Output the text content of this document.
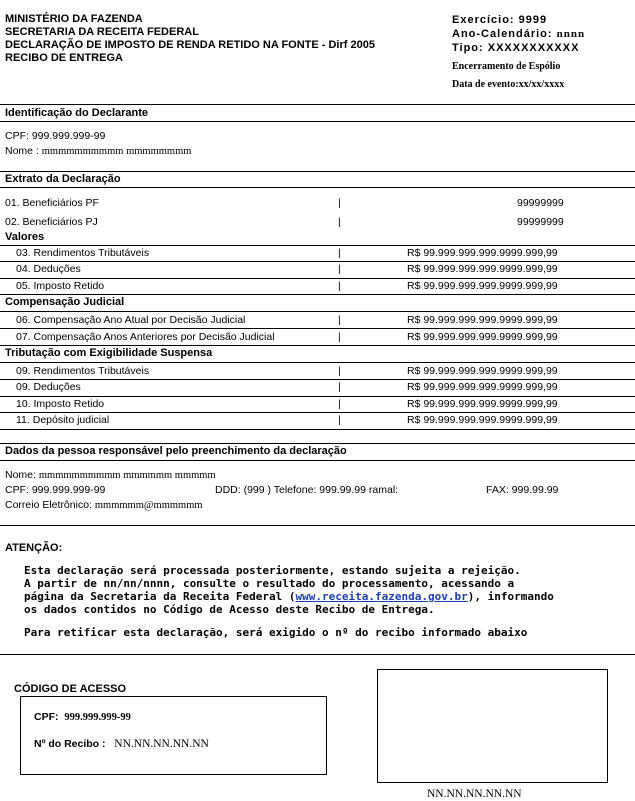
MINISTÉRIO DA FAZENDA
SECRETARIA DA RECEITA FEDERAL
DECLARAÇÃO DE IMPOSTO DE RENDA RETIDO NA FONTE - Dirf 2005
RECIBO DE ENTREGA
Exercício: 9999
Ano-Calendário: nnnn
Tipo: XXXXXXXXXXX
Encerramento de Espólio
Data de evento:xx/xx/xxxx
Identificação do Declarante
CPF: 999.999.999-99
Nome : mmmmmmmmmm mmmmmmmm
Extrato da Declaração
01. Beneficiários PF	|	99999999
02. Beneficiários PJ	|	99999999
Valores
03. Rendimentos Tributáveis	|	R$ 99.999.999.999.9999.999,99
04. Deduções	|	R$ 99.999.999.999.9999.999,99
05. Imposto Retido	|	R$ 99.999.999.999.9999.999,99
Compensação Judicial
06. Compensação Ano Atual por Decisão Judicial	|	R$ 99.999.999.999.9999.999,99
07. Compensação Anos Anteriores por Decisão Judicial	|	R$ 99.999.999.999.9999.999,99
Tributação com Exigibilidade Suspensa
09. Rendimentos Tributáveis	|	R$ 99.999.999.999.9999.999,99
09. Deduções	|	R$ 99.999.999.999.9999.999,99
10. Imposto Retido	|	R$ 99.999.999.999.9999.999,99
11. Depósito judicial	|	R$ 99.999.999.999.9999.999,99
Dados da pessoa responsável pelo preenchimento da declaração
Nome: mmmmmmmmmm mmmmmm mmmmm
CPF: 999.999.999-99	DDD: (999 ) Telefone: 999.99.99 ramal:	FAX: 999.99.99
Correio Eletrônico: mmmmmm@mmmmmm
ATENÇÃO:
Esta declaração será processada posteriormente, estando sujeita a rejeição.
A partir de nn/nn/nnnn, consulte o resultado do processamento, acessando a
página da Secretaria da Receita Federal (www.receita.fazenda.gov.br), informando
os dados contidos no Código de Acesso deste Recibo de Entrega.
Para retificar esta declaração, será exigido o nº do recibo informado abaixo
CÓDIGO DE ACESSO
CPF: 999.999.999-99
Nº do Recibo : NN.NN.NN.NN.NN
NN.NN.NN.NN.NN
